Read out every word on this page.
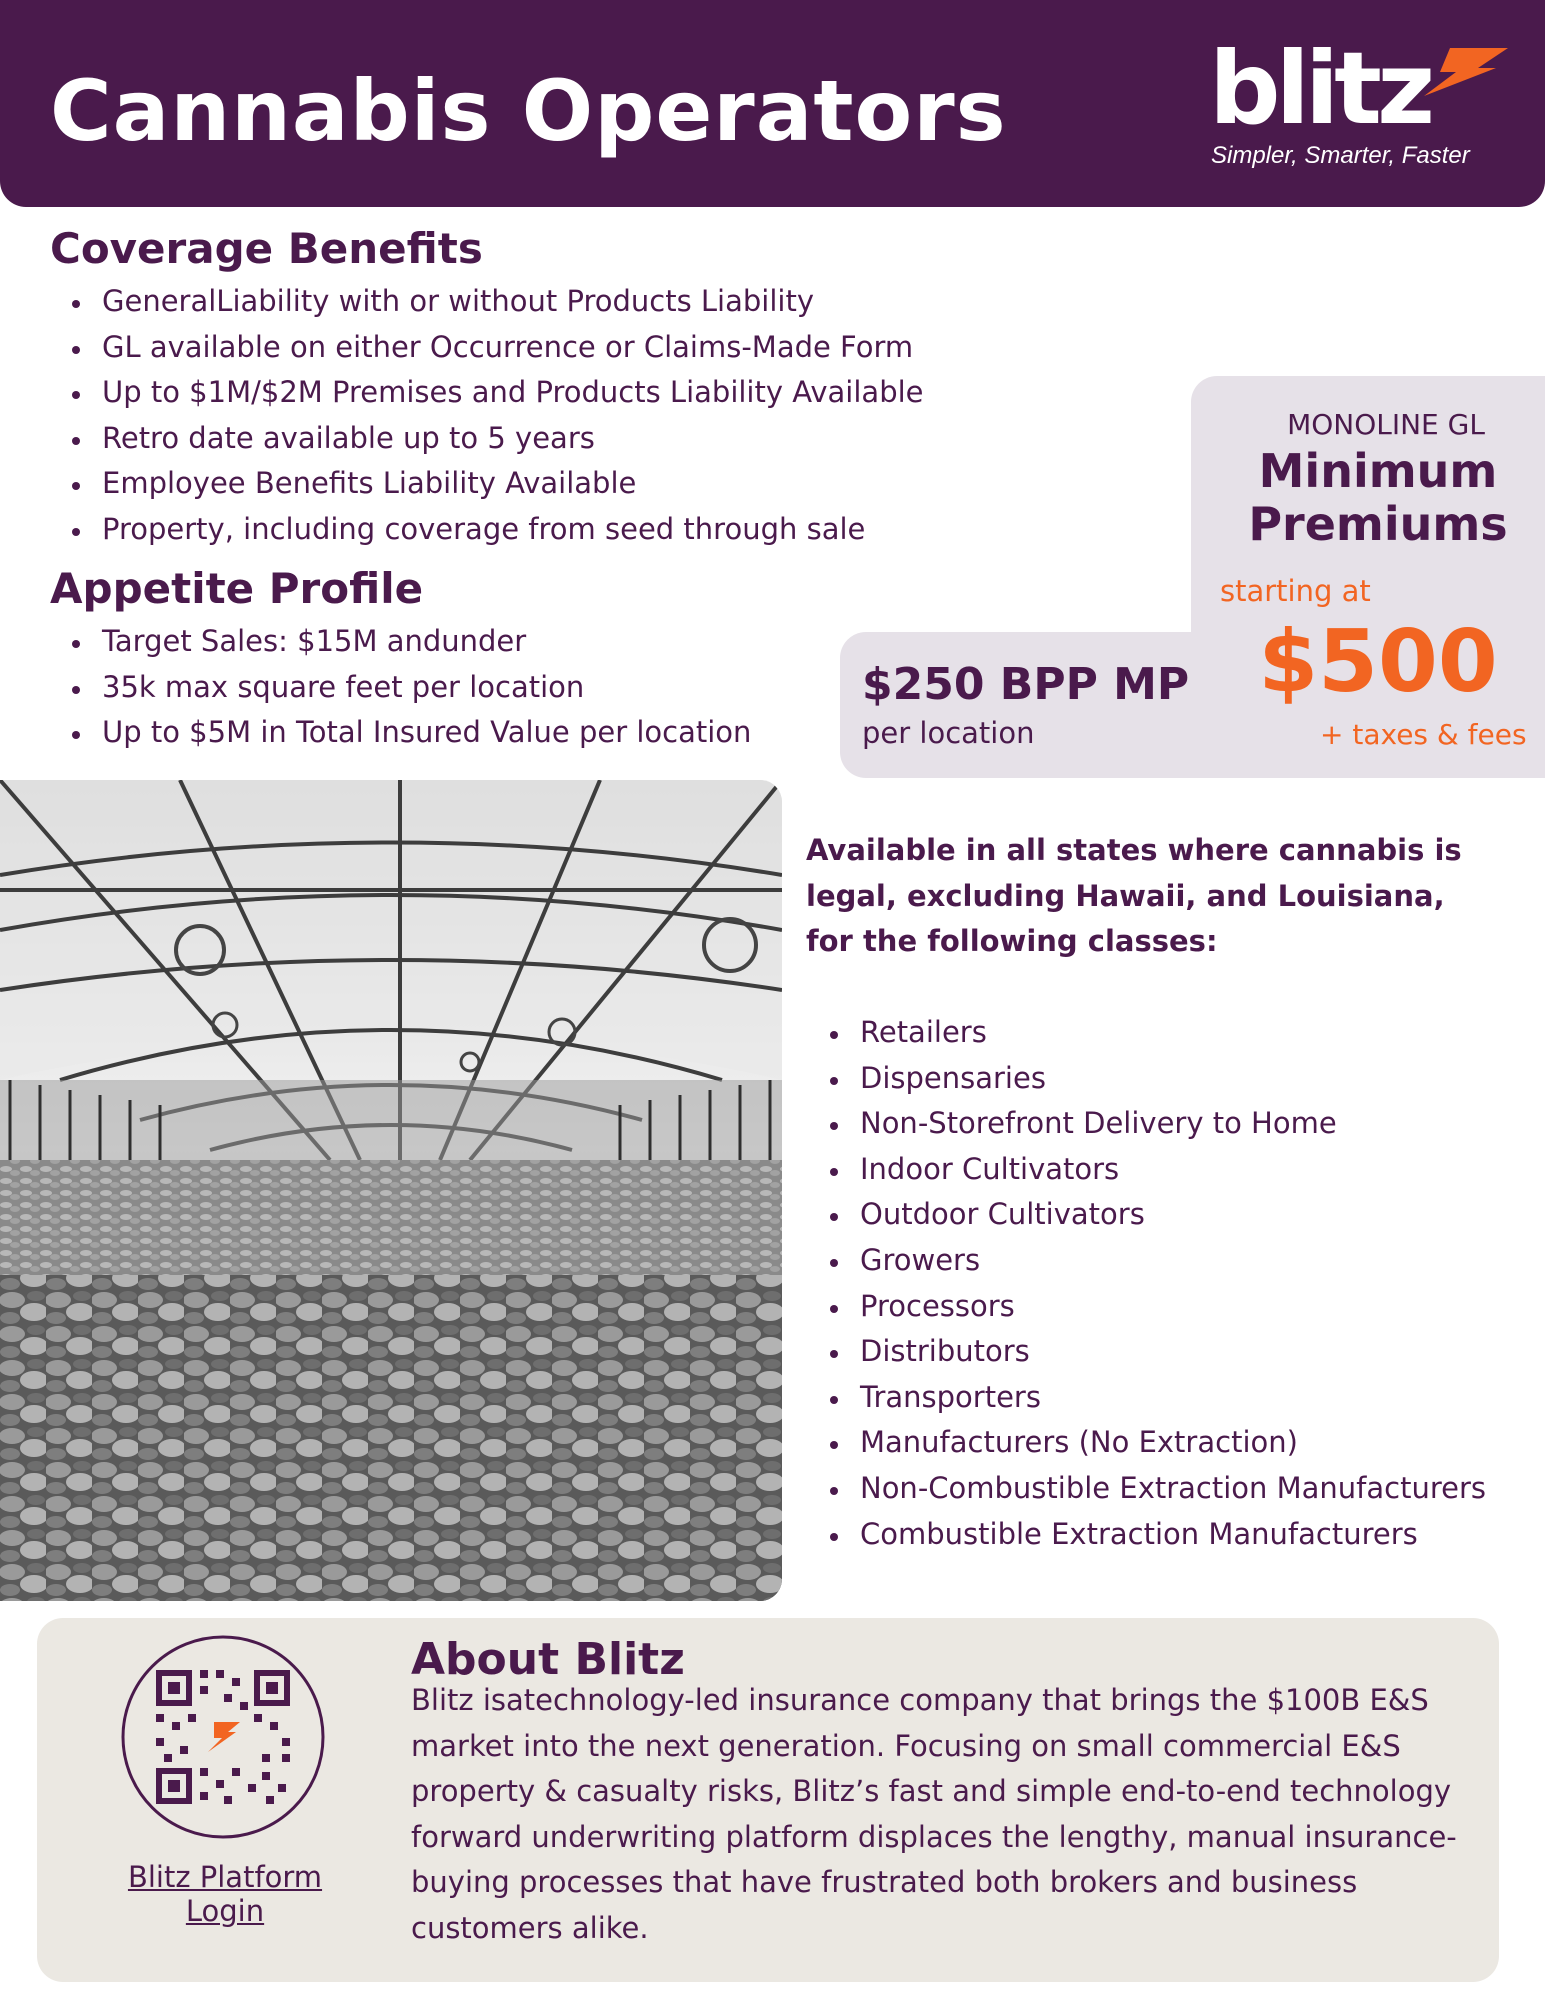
Cannabis Operators blitz
Simpler, Smarter, Faster
Coverage Benefits
GeneralLiability with or without Products Liability
GL available on either Occurrence or Claims-Made Form
Up to $1M/$2M Premises and Products Liability Available
Retro date available up to 5 years
Employee Benefits Liability Available
Property, including coverage from seed through sale
Appetite Profile
Target Sales: $15M andunder
35k max square feet per location
Up to $5M in Total Insured Value per location
MONOLINE GL
Minimum Premiums
starting at
$500
+ taxes & fees
$250 BPP MP
per location
Available in all states where cannabis is legal, excluding Hawaii, and Louisiana, for the following classes:
Retailers
Dispensaries
Non-Storefront Delivery to Home
Indoor Cultivators
Outdoor Cultivators
Growers
Processors
Distributors
Transporters
Manufacturers (No Extraction)
Non-Combustible Extraction Manufacturers
Combustible Extraction Manufacturers
Blitz Platform Login
About Blitz
Blitz isatechnology-led insurance company that brings the $100B E&S market into the next generation. Focusing on small commercial E&S property & casualty risks, Blitz’s fast and simple end-to-end technology forward underwriting platform displaces the lengthy, manual insurance-buying processes that have frustrated both brokers and business customers alike.
